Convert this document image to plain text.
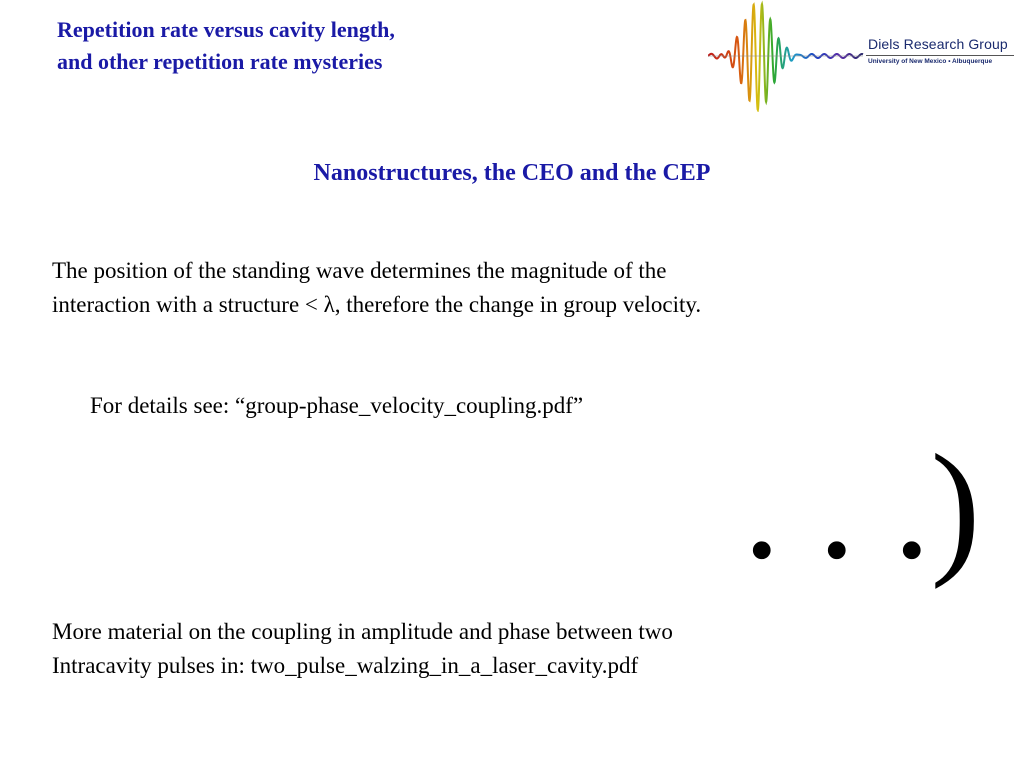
Repetition rate versus cavity length,
and other repetition rate mysteries
Diels Research Group
University of New Mexico • Albuquerque
Nanostructures, the CEO and the CEP
The position of the standing wave determines the magnitude of the
interaction with a structure < λ, therefore the change in group velocity.
For details see: “group-phase_velocity_coupling.pdf”
. . .)
More material on the coupling in amplitude and phase between two
Intracavity pulses in: two_pulse_walzing_in_a_laser_cavity.pdf
